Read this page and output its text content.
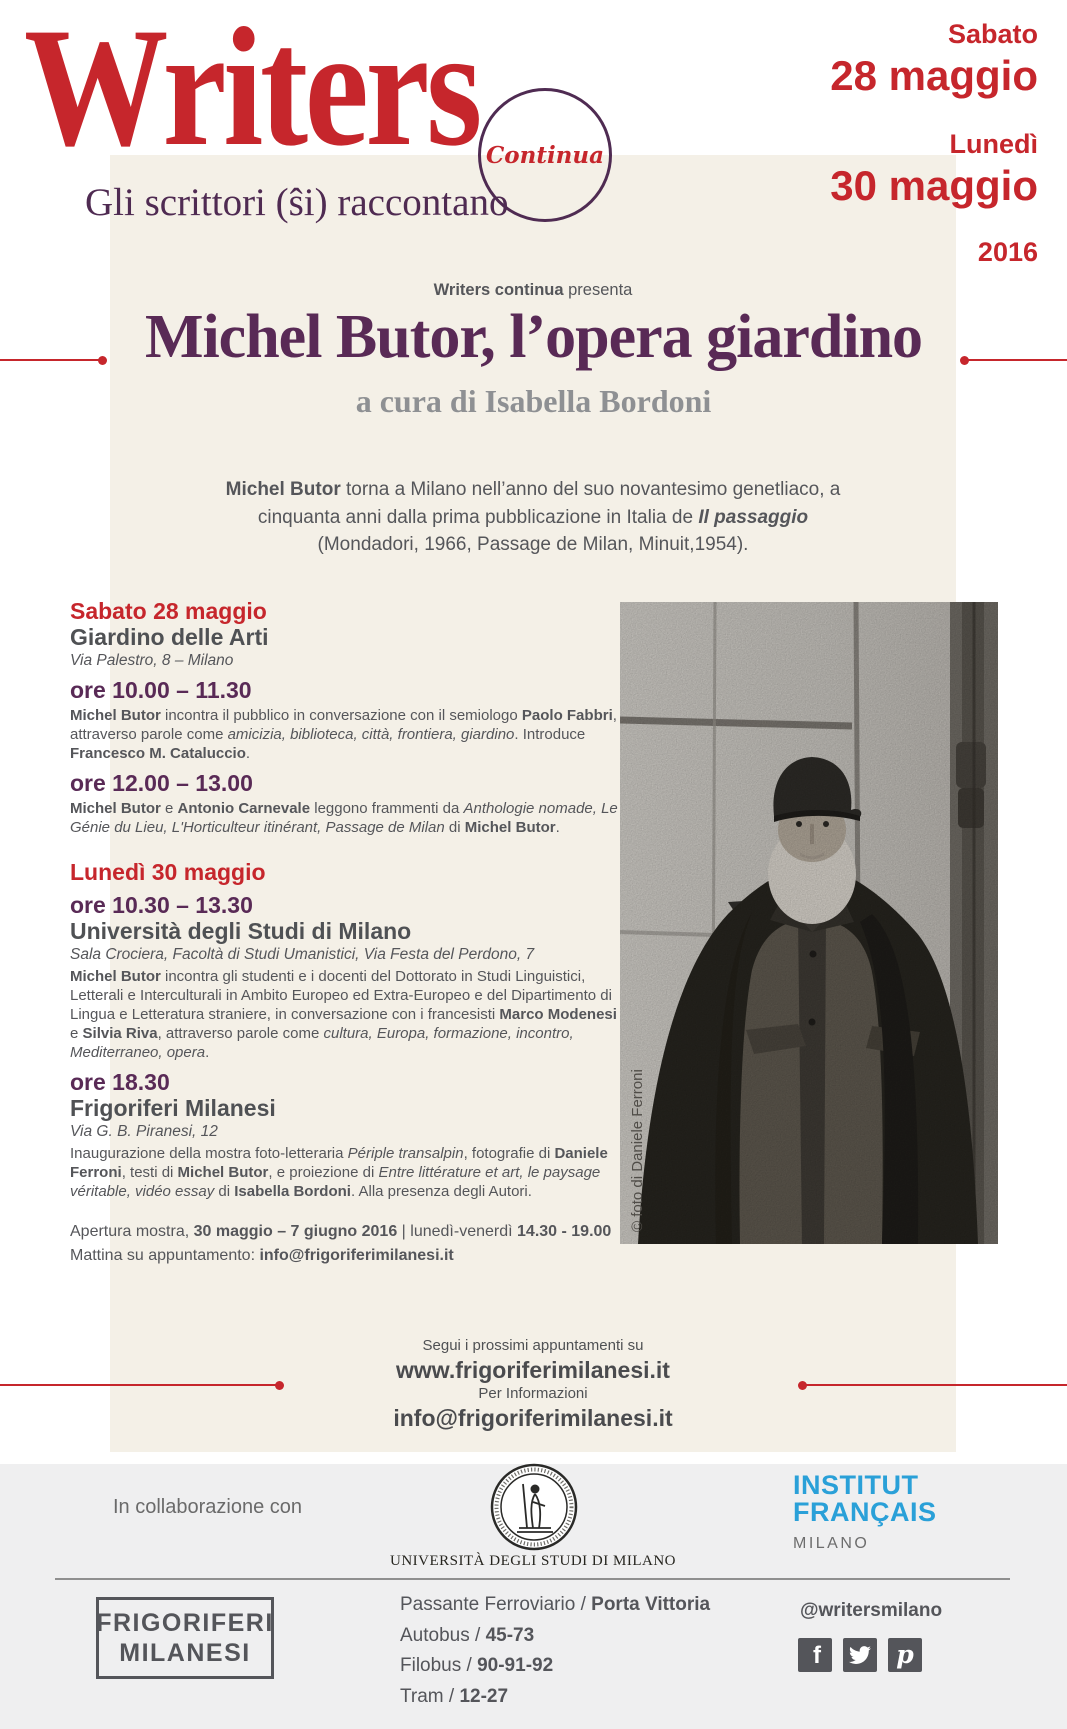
Writers Continua
Gli scrittori (ŝi) raccontano
Sabato
28 maggio
Lunedì
30 maggio
2016
Writers continua presenta
Michel Butor, l’opera giardino
a cura di Isabella Bordoni

Michel Butor torna a Milano nell’anno del suo novantesimo genetliaco, a cinquanta anni dalla prima pubblicazione in Italia de Il passaggio (Mondadori, 1966, Passage de Milan, Minuit,1954).

Sabato 28 maggio
Giardino delle Arti
Via Palestro, 8 – Milano
ore 10.00 – 11.30

Michel Butor incontra il pubblico in conversazione con il semiologo Paolo Fabbri, attraverso parole come amicizia, biblioteca, città, frontiera, giardino. Introduce Francesco M. Cataluccio.

ore 12.00 – 13.00

Michel Butor e Antonio Carnevale leggono frammenti da Anthologie nomade, Le Génie du Lieu, L'Horticulteur itinérant, Passage de Milan di Michel Butor.

Lunedì 30 maggio
ore 10.30 – 13.30
Università degli Studi di Milano
Sala Crociera, Facoltà di Studi Umanistici, Via Festa del Perdono, 7

Michel Butor incontra gli studenti e i docenti del Dottorato in Studi Linguistici, Letterali e Interculturali in Ambito Europeo ed Extra-Europeo e del Dipartimento di Lingua e Letteratura straniere, in conversazione con i francesisti Marco Modenesi e Silvia Riva, attraverso parole come cultura, Europa, formazione, incontro, Mediterraneo, opera.

ore 18.30
Frigoriferi Milanesi
Via G. B. Piranesi, 12

Inaugurazione della mostra foto-letteraria Périple transalpin, fotografie di Daniele Ferroni, testi di Michel Butor, e proiezione di Entre littérature et art, le paysage véritable, vidéo essay di Isabella Bordoni. Alla presenza degli Autori.

Apertura mostra, 30 maggio – 7 giugno 2016 | lunedì-venerdì 14.30 - 19.00

Mattina su appuntamento: info@frigoriferimilanesi.it

© foto di Daniele Ferroni
Segui i prossimi appuntamenti su
www.frigoriferimilanesi.it
Per Informazioni
info@frigoriferimilanesi.it
In collaborazione con
UNIVERSITÀ DEGLI STUDI DI MILANO
INSTITUT
FRANÇAIS
MILANO
FRIGORIFERI
MILANESI
Passante Ferroviario / Porta Vittoria
Autobus / 45-73
Filobus / 90-91-92
Tram / 12-27
@writersmilano
f	p
